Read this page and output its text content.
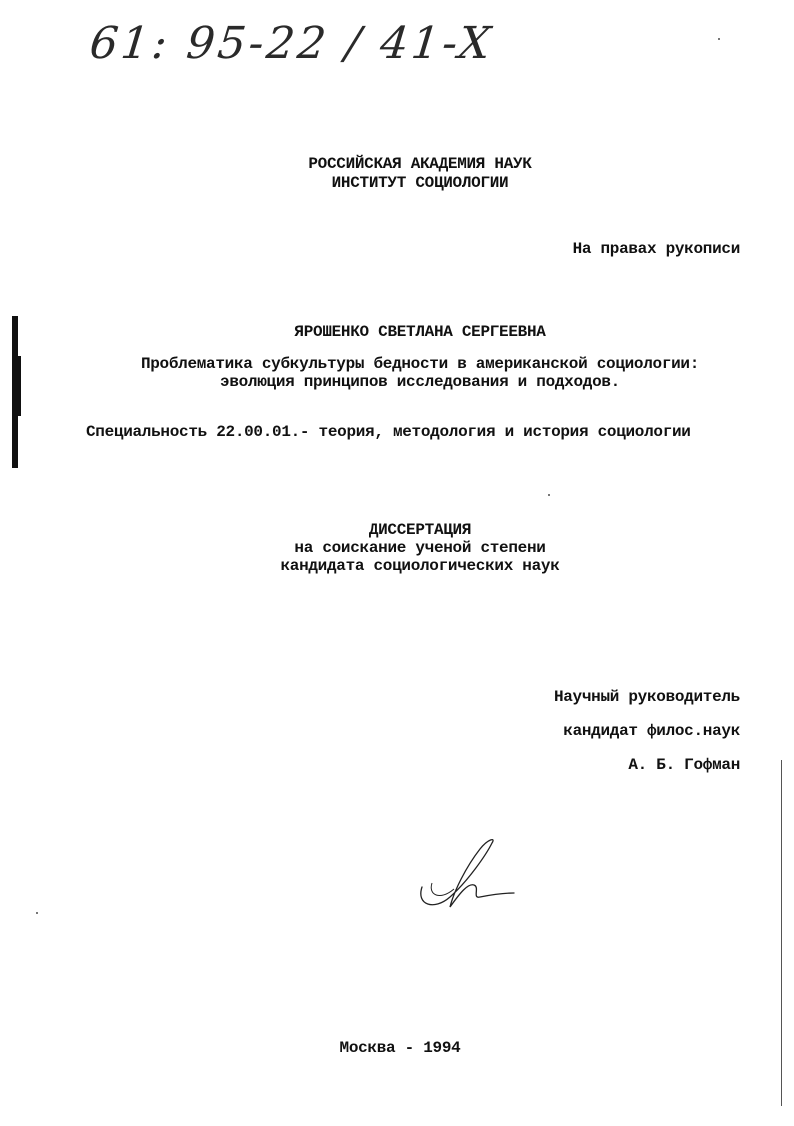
61: 95-22 / 41-X
РОССИЙСКАЯ АКАДЕМИЯ НАУК
ИНСТИТУТ СОЦИОЛОГИИ
На правах рукописи
ЯРОШЕНКО СВЕТЛАНА СЕРГЕЕВНА
Проблематика субкультуры бедности в американской социологии:
эволюция принципов исследования и подходов.
Специальность 22.00.01.- теория, методология и история социологии
ДИССЕРТАЦИЯ
на соискание ученой степени
кандидата социологических наук
Научный руководитель
кандидат филос.наук
А. Б. Гофман
Москва - 1994
